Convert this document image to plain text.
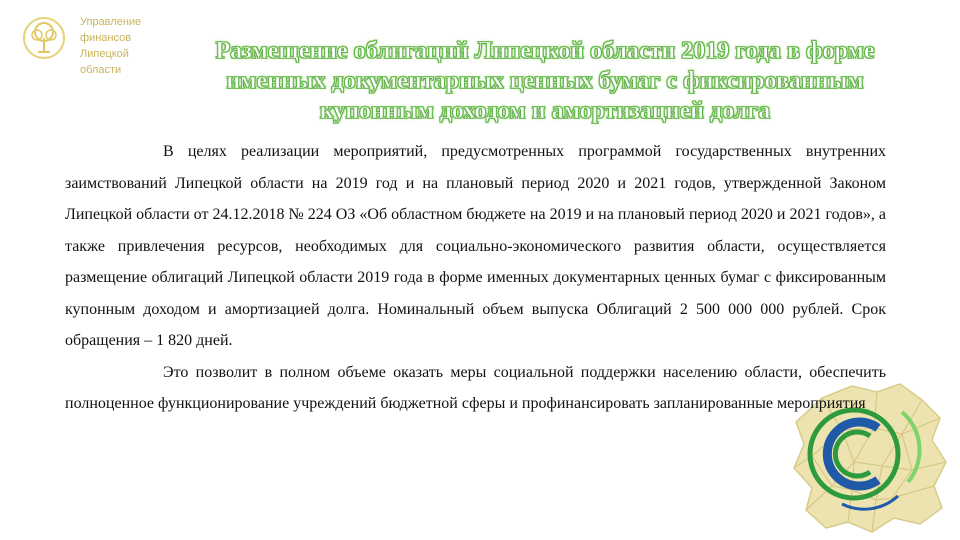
Управление
финансов
Липецкой
области
Размещение облигаций Липецкой области 2019 года в форме именных документарных ценных бумаг с фиксированным купонным доходом и амортизацией долга

В целях реализации мероприятий, предусмотренных программой государственных внутренних заимствований Липецкой области на 2019 год и на плановый период 2020 и 2021 годов, утвержденной Законом Липецкой области от 24.12.2018 № 224 ОЗ «Об областном бюджете на 2019 и на плановый период 2020 и 2021 годов», а также привлечения ресурсов, необходимых для социально-экономического развития области, осуществляется размещение облигаций Липецкой области 2019 года в форме именных документарных ценных бумаг с фиксированным купонным доходом и амортизацией долга. Номинальный объем выпуска Облигаций 2 500 000 000 рублей. Срок обращения – 1 820 дней.

Это позволит в полном объеме оказать меры социальной поддержки населению области, обеспечить полноценное функционирование учреждений бюджетной сферы и профинансировать запланированные мероприятия
